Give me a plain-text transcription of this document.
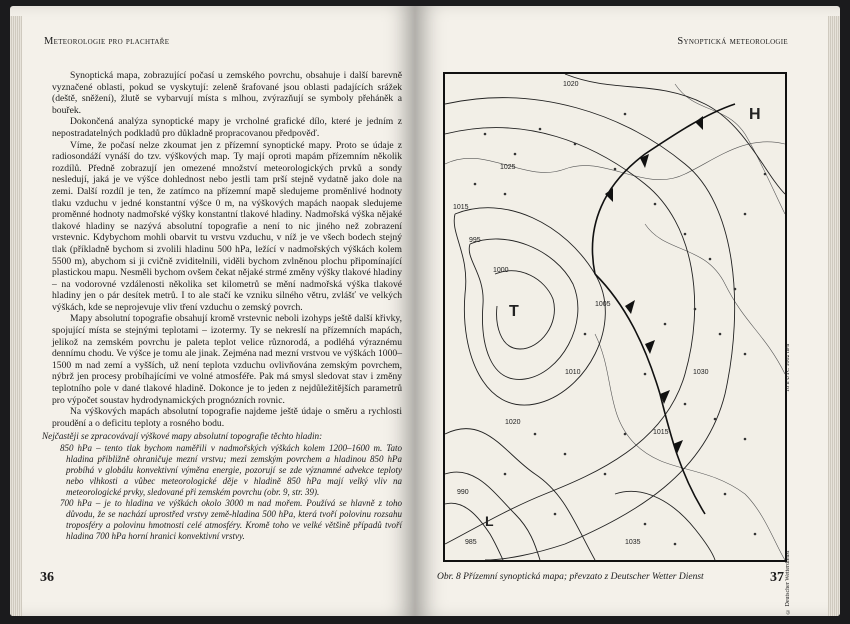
Meteorologie pro plachtaře

Synoptická mapa, zobrazující počasí u zemského povrchu, obsahuje i další barevně vyznačené oblasti, pokud se vyskytují: zeleně šrafované jsou oblasti padajících srážek (deště, sněžení), žlutě se vybarvují místa s mlhou, zvýrazňují se symboly přeháněk a bouřek.

Dokončená analýza synoptické mapy je vrcholné grafické dílo, které je jedním z nepostradatelných podkladů pro důkladně propracovanou předpověď.

Víme, že počasí nelze zkoumat jen z přízemní synoptické mapy. Proto se údaje z radiosondáží vynáší do tzv. výškových map. Ty mají oproti mapám přízemním několik rozdílů. Předně zobrazují jen omezené množství meteorologických prvků a sondy nesledují, jaká je ve výšce dohlednost nebo jestli tam prší stejně vydatně jako dole na zemi. Další rozdíl je ten, že zatímco na přízemní mapě sledujeme proměnlivé hodnoty tlaku vzduchu v jedné konstantní výšce 0 m, na výškových mapách naopak sledujeme proměnné hodnoty nadmořské výšky konstantní tlakové hladiny. Nadmořská výška nějaké tlakové hladiny se nazývá absolutní topografie a není to nic jiného než zobrazení vrstevnic. Kdybychom mohli obarvit tu vrstvu vzduchu, v níž je ve všech bodech stejný tlak (příkladně bychom si zvolili hladinu 500 hPa, ležící v nadmořských výškách kolem 5500 m), abychom si ji cvičně zviditelnili, viděli bychom zvlněnou plochu připomínající plastickou mapu. Nesměli bychom ovšem čekat nějaké strmé změny výšky tlakové hladiny – na vodorovné vzdálenosti několika set kilometrů se mění nadmořská výška tlakové hladiny jen o pár desítek metrů. I to ale stačí ke vzniku silného větru, zvlášť ve velkých výškách, kde se neprojevuje vliv tření vzduchu o zemský povrch.

Mapy absolutní topografie obsahují kromě vrstevnic neboli izohyps ještě další křivky, spojující místa se stejnými teplotami – izotermy. Ty se nekreslí na přízemních mapách, jelikož na zemském povrchu je paleta teplot velice různorodá, a podléhá výraznému dennímu chodu. Ve výšce je tomu ale jinak. Zejména nad mezní vrstvou ve výškách 1000–1500 m nad zemí a vyšších, už není teplota vzduchu ovlivňována zemským povrchem, nýbrž jen procesy probíhajícími ve volné atmosféře. Pak má smysl sledovat stav i změny teplotního pole v dané tlakové hladině. Dokonce je to jeden z nejdůležitějších parametrů pro výpočet soustav hydrodynamických prognózních rovnic.

Na výškových mapách absolutní topografie najdeme ještě údaje o směru a rychlosti proudění a o deficitu teploty a rosného bodu.

Nejčastěji se zpracovávají výškové mapy absolutní topografie těchto hladin:

850 hPa – tento tlak bychom naměřili v nadmořských výškách kolem 1200–1600 m. Tato hladina přibližně ohraničuje mezní vrstvu; mezi zemským povrchem a hladinou 850 hPa probíhá v globálu konvektivní výměna energie, pozorují se zde významné advekce teploty nebo vlhkosti a vůbec meteorologické děje v hladině 850 hPa mají velký vliv na meteorologické prvky, sledované při zemském povrchu (obr. 9, str. 39).

700 hPa – je to hladina ve výškách okolo 3000 m nad mořem. Používá se hlavně z toho důvodu, že se nachází uprostřed vrstvy země-hladina 500 hPa, která tvoří polovinu rozsahu troposféry a polovinu hmotnosti celé atmosféry. Kromě toho ve velké většině případů tvoří hladina 700 hPa horní hranici konvektivní vrstvy.

36
Synoptická meteorologie
1015
1020
1025
995
1000
1005
1010	1030
1035
T
H
L
990
985
1015
1020
© Deutscher Wetterdienst
18 h UTC 1002 hPa
Obr. 8 Přízemní synoptická mapa; převzato z Deutscher Wetter Dienst	37
